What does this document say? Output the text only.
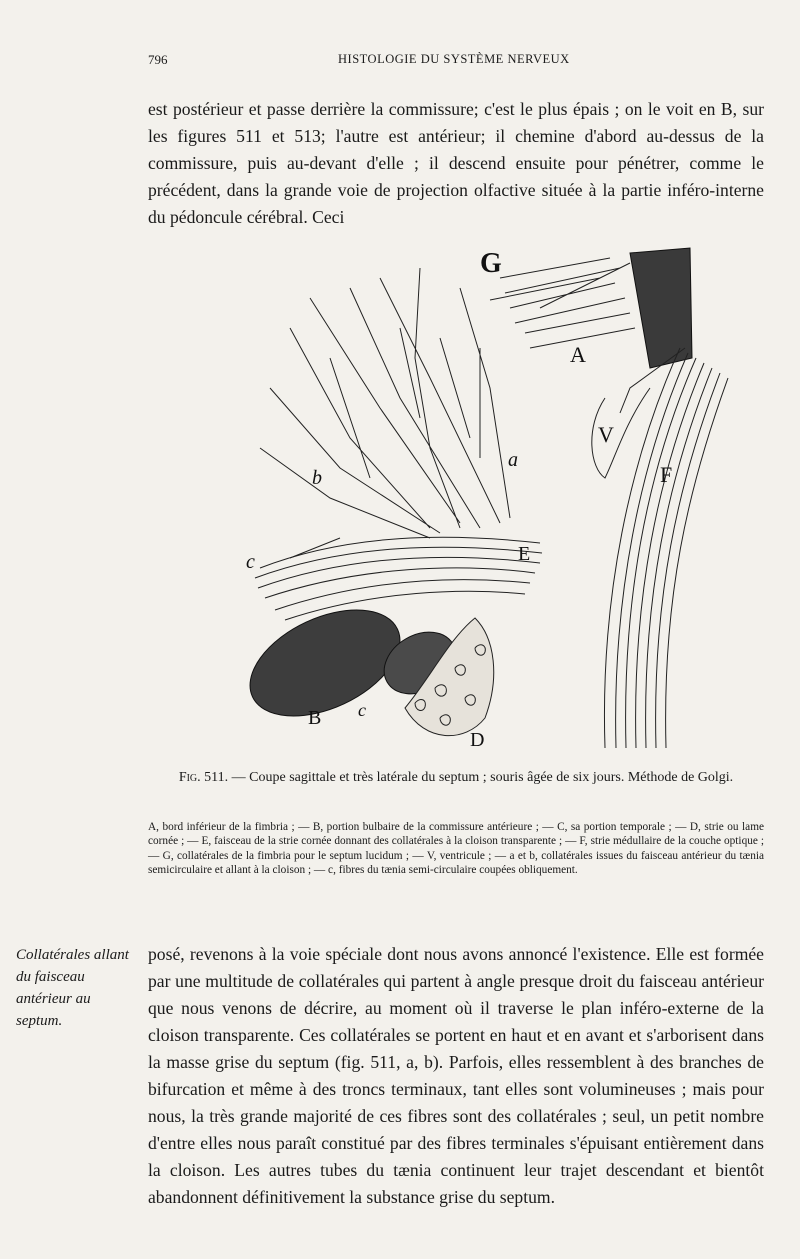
796	HISTOLOGIE DU SYSTÈME NERVEUX

est postérieur et passe derrière la commissure; c'est le plus épais ; on le voit en B, sur les figures 511 et 513; l'autre est antérieur; il chemine d'abord au-dessus de la commissure, puis au-devant d'elle ; il descend ensuite pour pénétrer, comme le précédent, dans la grande voie de projection olfactive située à la partie inféro-interne du pédoncule cérébral. Ceci

G
A
V
F
a
b
c	E
B c
D

Fig. 511. — Coupe sagittale et très latérale du septum ; souris âgée de six jours. Méthode de Golgi.

A, bord inférieur de la fimbria ; — B, portion bulbaire de la commissure antérieure ; — C, sa portion temporale ; — D, strie ou lame cornée ; — E, faisceau de la strie cornée donnant des collatérales à la cloison transparente ; — F, strie médullaire de la couche optique ; — G, collatérales de la fimbria pour le septum lucidum ; — V, ventricule ; — a et b, collatérales issues du faisceau antérieur du tænia semicirculaire et allant à la cloison ; — c, fibres du tænia semi-circulaire coupées obliquement.

Collatérales allant du faisceau antérieur au septum.

posé, revenons à la voie spéciale dont nous avons annoncé l'existence. Elle est formée par une multitude de collatérales qui partent à angle presque droit du faisceau antérieur que nous venons de décrire, au moment où il traverse le plan inféro-externe de la cloison transparente. Ces collatérales se portent en haut et en avant et s'arborisent dans la masse grise du septum (fig. 511, a, b). Parfois, elles ressemblent à des branches de bifurcation et même à des troncs terminaux, tant elles sont volumineuses ; mais pour nous, la très grande majorité de ces fibres sont des collatérales ; seul, un petit nombre d'entre elles nous paraît constitué par des fibres terminales s'épuisant entièrement dans la cloison. Les autres tubes du tænia continuent leur trajet descendant et bientôt abandonnent définitivement la substance grise du septum.
